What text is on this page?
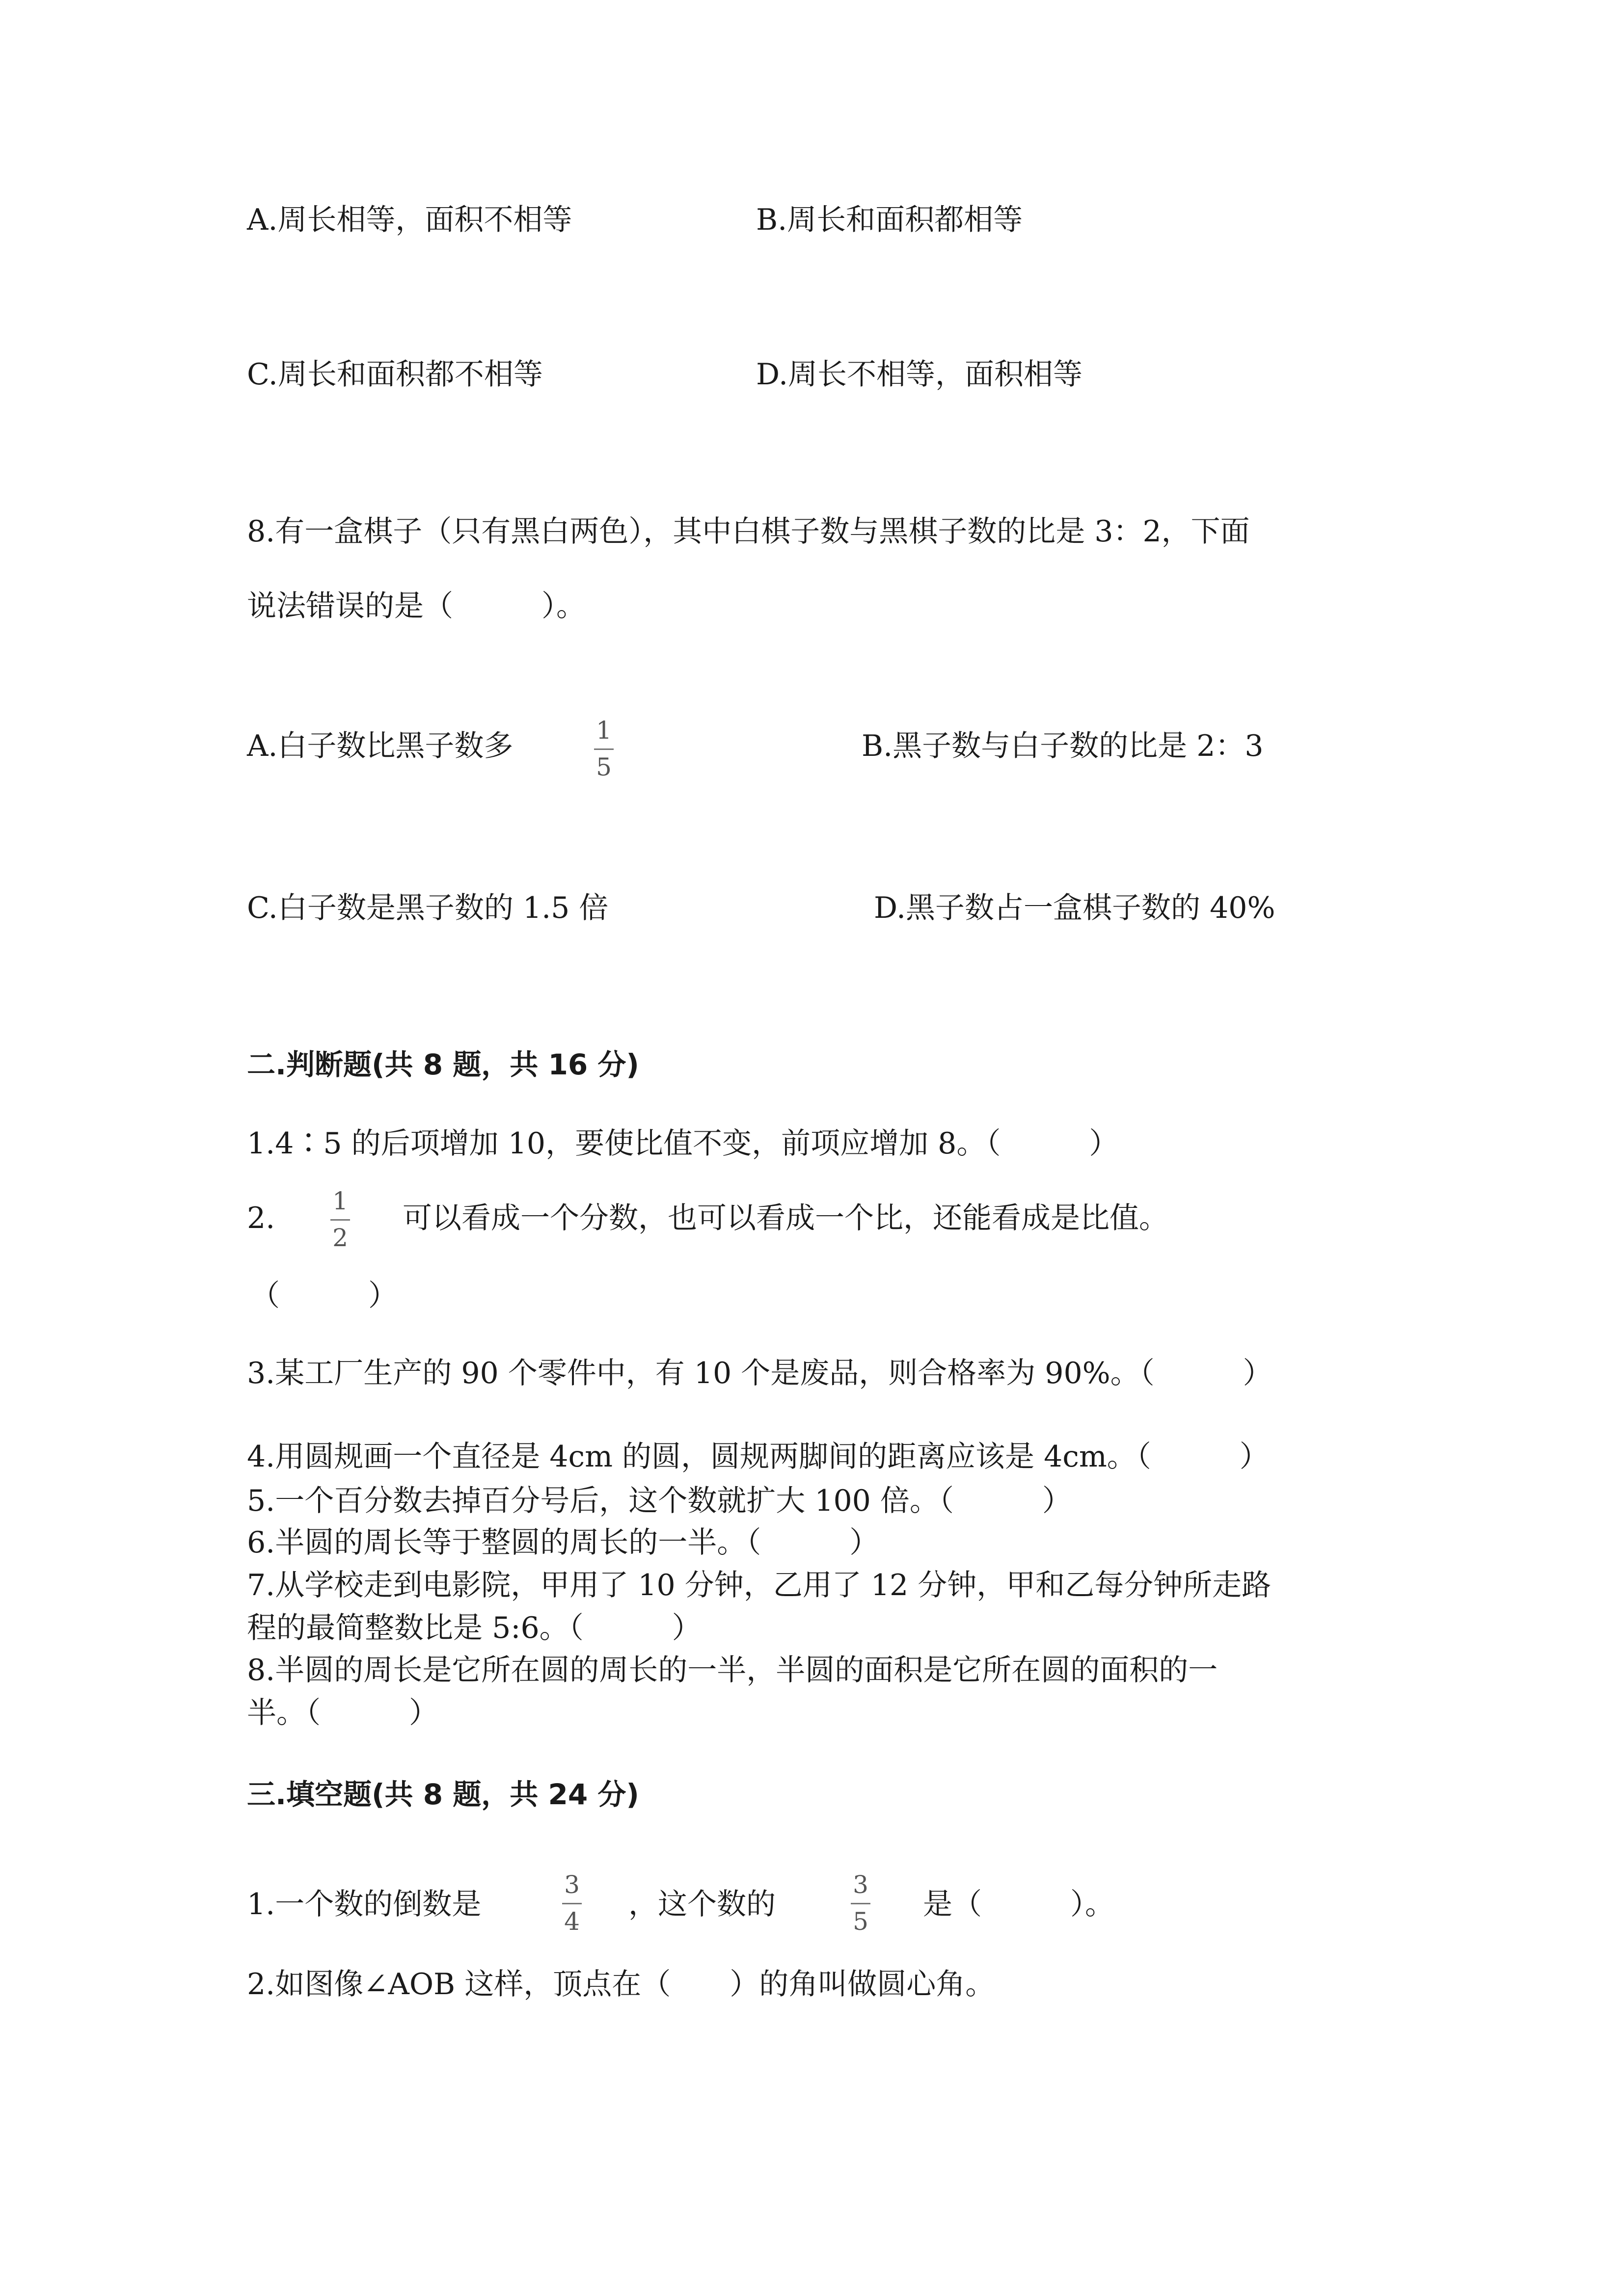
A.周长相等，面积不相等	B.周长和面积都相等
C.周长和面积都不相等	D.周长不相等，面积相等
8.有一盒棋子（只有黑白两色），其中白棋子数与黑棋子数的比是 3：2，下面
说法错误的是（　　　）。
A.白子数比黑子数多	1
5
B.黑子数与白子数的比是 2：3
C.白子数是黑子数的 1.5 倍	D.黑子数占一盒棋子数的 40%
二.判断题(共 8 题，共 16 分)
1.4∶5 的后项增加 10，要使比值不变，前项应增加 8。（　　　）
2. 1
2
可以看成一个分数，也可以看成一个比，还能看成是比值。
（　　　）
3.某工厂生产的 90 个零件中，有 10 个是废品，则合格率为 90%。（　　　）
4.用圆规画一个直径是 4cm 的圆，圆规两脚间的距离应该是 4cm。（　　　）
5.一个百分数去掉百分号后，这个数就扩大 100 倍。（　　　）
6.半圆的周长等于整圆的周长的一半。（　　　）
7.从学校走到电影院，甲用了 10 分钟，乙用了 12 分钟，甲和乙每分钟所走路
程的最简整数比是 5:6。（　　　）
8.半圆的周长是它所在圆的周长的一半，半圆的面积是它所在圆的面积的一
半。（　　　）
三.填空题(共 8 题，共 24 分)
1.一个数的倒数是
3
4 ，这个数的
3
5 是（　　　）。
2.如图像∠AOB 这样，顶点在（　　）的角叫做圆心角。
